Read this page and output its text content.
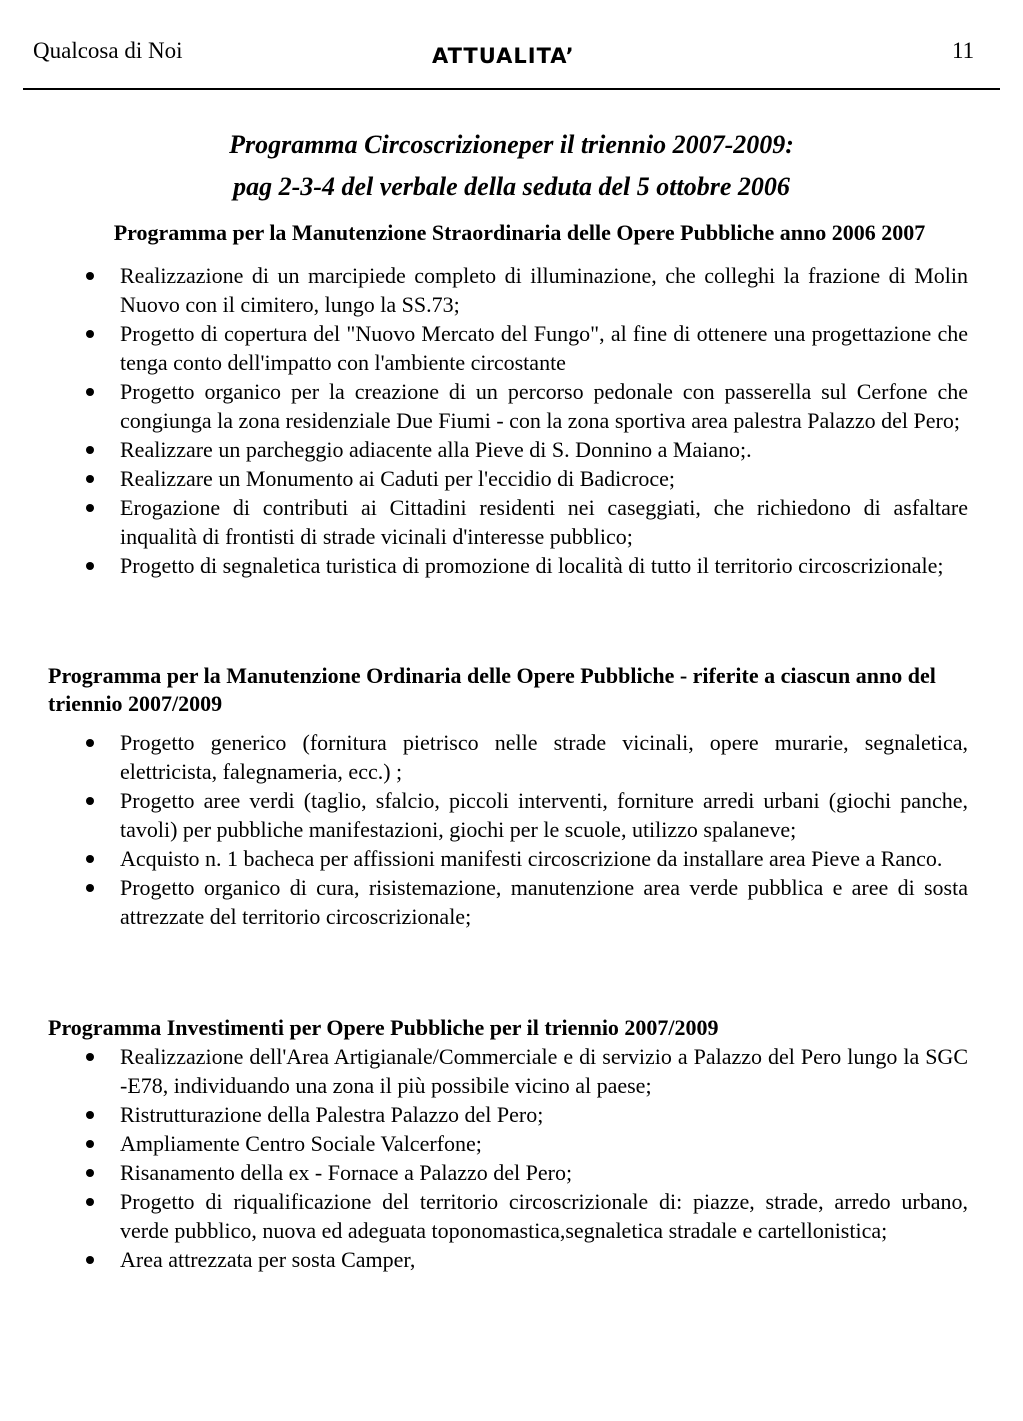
Qualcosa di Noi	ATTUALITA’	11
Programma Circoscrizioneper il triennio 2007-2009:
pag 2-3-4 del verbale della seduta del 5 ottobre 2006
Programma per la Manutenzione Straordinaria delle Opere Pubbliche anno 2006 2007
Realizzazione di un marcipiede completo di illuminazione, che colleghi la frazione di Molin Nuovo con il cimitero, lungo la SS.73;
Progetto di copertura del "Nuovo Mercato del Fungo", al fine di ottenere una progettazione che tenga conto dell'impatto con l'ambiente circostante
Progetto organico per la creazione di un percorso pedonale con passerella sul Cerfone che congiunga la zona residenziale Due Fiumi - con la zona sportiva area palestra Palazzo del Pero;
Realizzare un parcheggio adiacente alla Pieve di S. Donnino a Maiano;.
Realizzare un Monumento ai Caduti per l'eccidio di Badicroce;
Erogazione di contributi ai Cittadini residenti nei caseggiati, che richiedono di asfaltare inqualità di frontisti di strade vicinali d'interesse pubblico;
Progetto di segnaletica turistica di promozione di località di tutto il territorio circoscrizionale;
Programma per la Manutenzione Ordinaria delle Opere Pubbliche - riferite a ciascun anno del triennio 2007/2009
Progetto generico (fornitura pietrisco nelle strade vicinali, opere murarie, segnaletica, elettricista, falegnameria, ecc.) ;
Progetto aree verdi (taglio, sfalcio, piccoli interventi, forniture arredi urbani (giochi panche, tavoli) per pubbliche manifestazioni, giochi per le scuole, utilizzo spalaneve;
Acquisto n. 1 bacheca per affissioni manifesti circoscrizione da installare area Pieve a Ranco.
Progetto organico di cura, risistemazione, manutenzione area verde pubblica e aree di sosta attrezzate del territorio circoscrizionale;
Programma Investimenti per Opere Pubbliche per il triennio 2007/2009
Realizzazione dell'Area Artigianale/Commerciale e di servizio a Palazzo del Pero lungo la SGC -E78, individuando una zona il più possibile vicino al paese;
Ristrutturazione della Palestra Palazzo del Pero;
Ampliamente Centro Sociale Valcerfone;
Risanamento della ex - Fornace a Palazzo del Pero;
Progetto di riqualificazione del territorio circoscrizionale di: piazze, strade, arredo urbano, verde pubblico, nuova ed adeguata toponomastica,segnaletica stradale e cartellonistica;
Area attrezzata per sosta Camper,
